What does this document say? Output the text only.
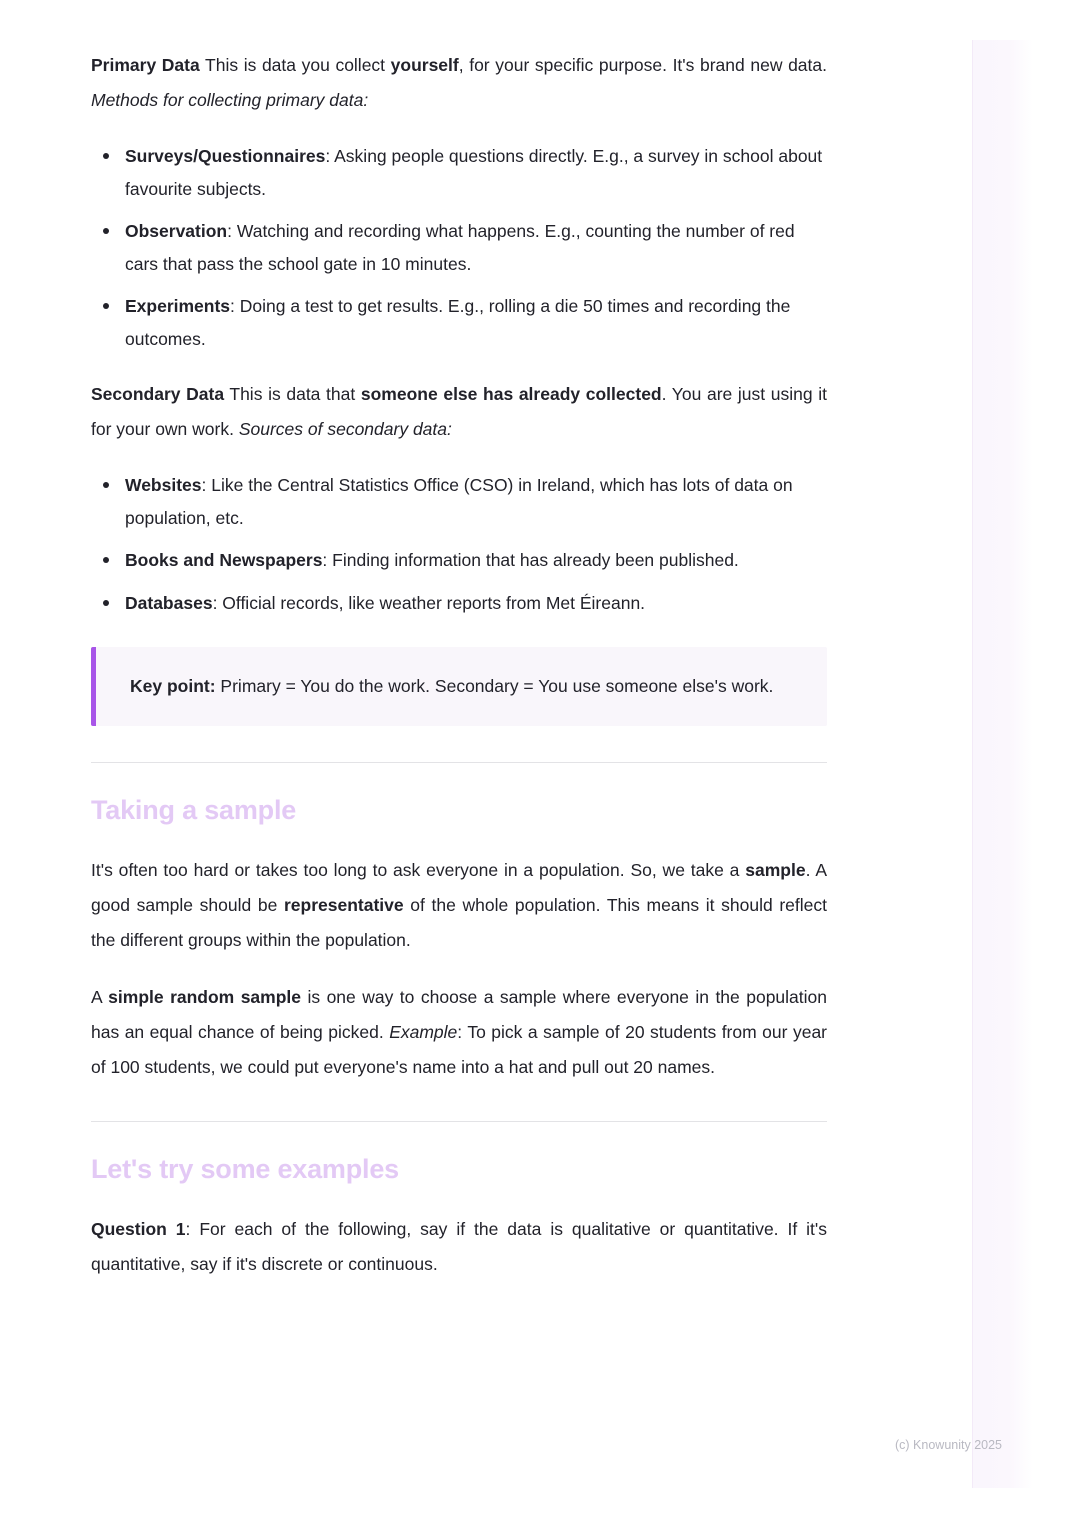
Primary Data This is data you collect yourself, for your specific purpose. It's brand new data. Methods for collecting primary data:

Surveys/Questionnaires: Asking people questions directly. E.g., a survey in school about favourite subjects.
Observation: Watching and recording what happens. E.g., counting the number of red cars that pass the school gate in 10 minutes.
Experiments: Doing a test to get results. E.g., rolling a die 50 times and recording the outcomes.

Secondary Data This is data that someone else has already collected. You are just using it for your own work. Sources of secondary data:

Websites: Like the Central Statistics Office (CSO) in Ireland, which has lots of data on population, etc.
Books and Newspapers: Finding information that has already been published.
Databases: Official records, like weather reports from Met Éireann.

Key point: Primary = You do the work. Secondary = You use someone else's work.

Taking a sample

It's often too hard or takes too long to ask everyone in a population. So, we take a sample. A good sample should be representative of the whole population. This means it should reflect the different groups within the population.

A simple random sample is one way to choose a sample where everyone in the population has an equal chance of being picked. Example: To pick a sample of 20 students from our year of 100 students, we could put everyone's name into a hat and pull out 20 names.

Let's try some examples

Question 1: For each of the following, say if the data is qualitative or quantitative. If it's quantitative, say if it's discrete or continuous.

(c) Knowunity 2025
